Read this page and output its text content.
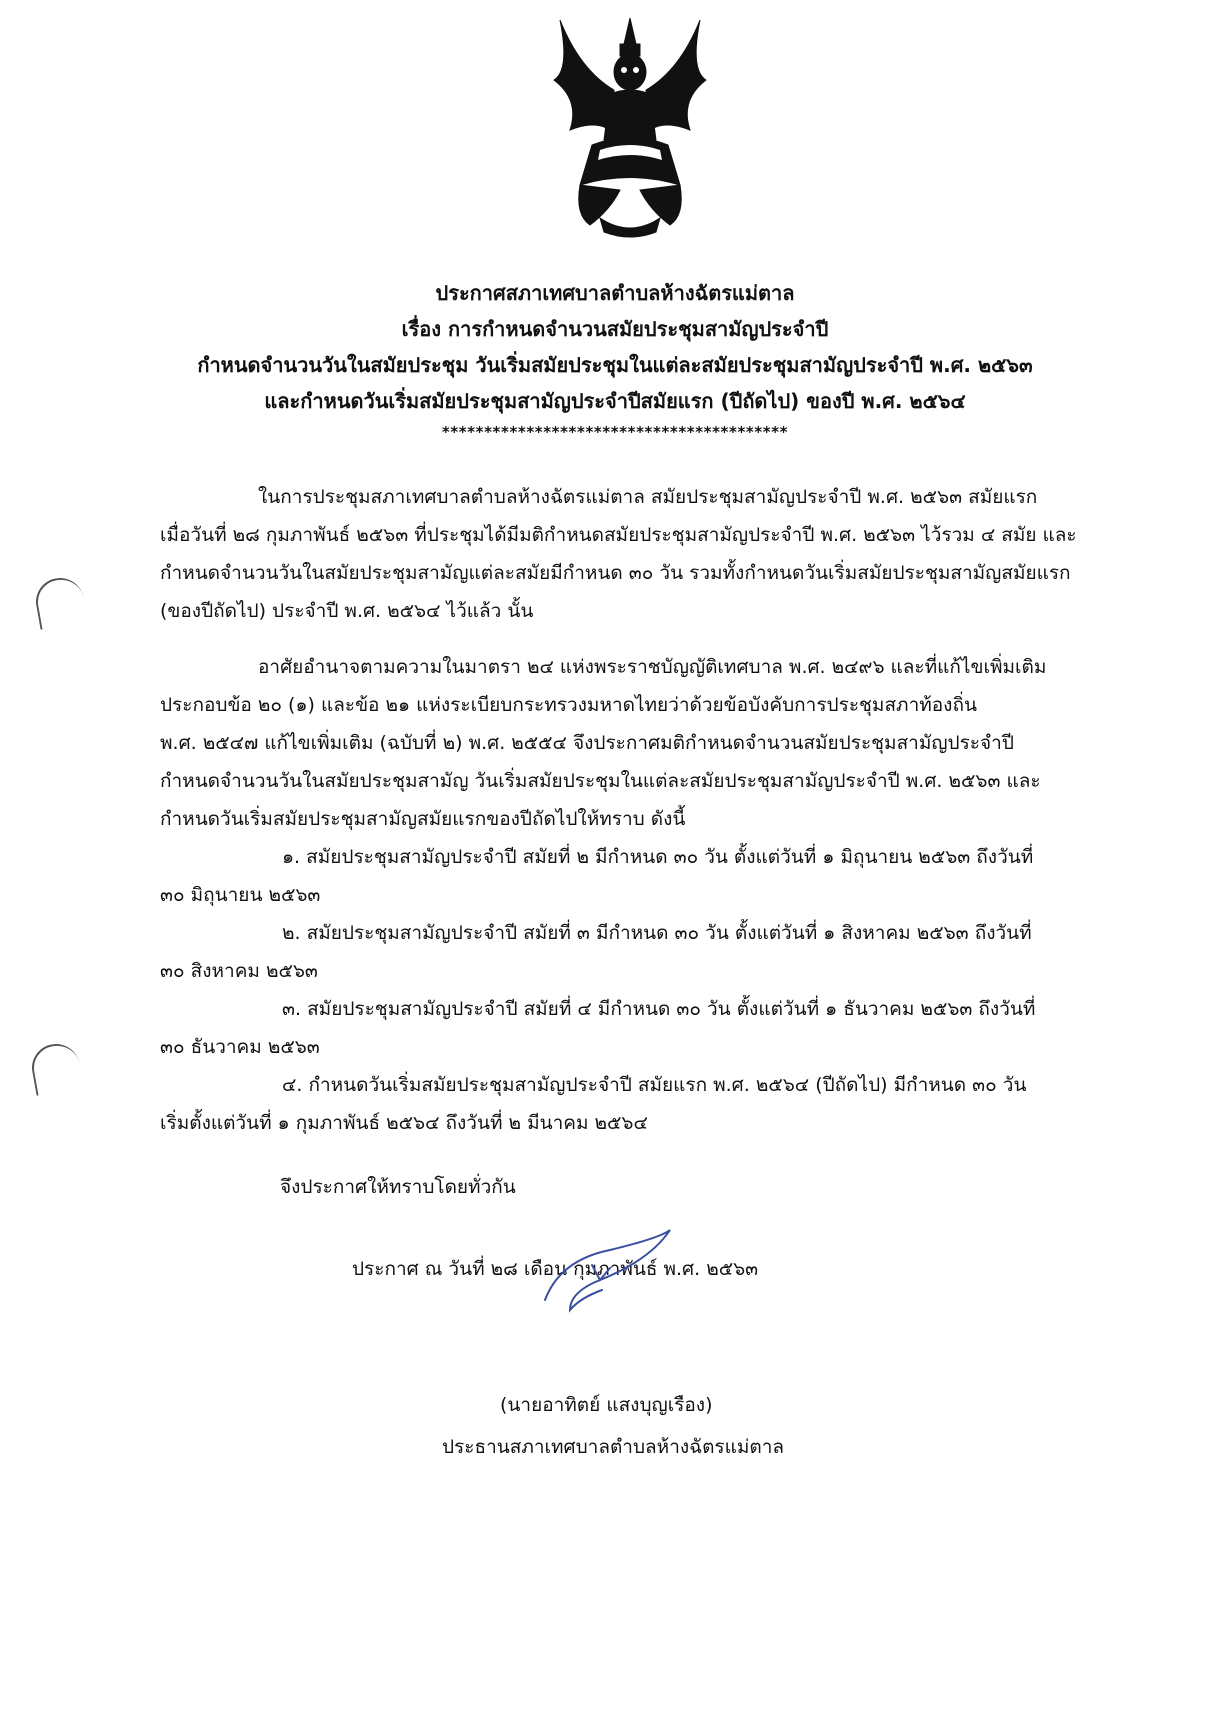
ประกาศสภาเทศบาลตำบลห้างฉัตรแม่ตาล
เรื่อง การกำหนดจำนวนสมัยประชุมสามัญประจำปี
กำหนดจำนวนวันในสมัยประชุม วันเริ่มสมัยประชุมในแต่ละสมัยประชุมสามัญประจำปี พ.ศ. ๒๕๖๓
และกำหนดวันเริ่มสมัยประชุมสามัญประจำปีสมัยแรก (ปีถัดไป) ของปี พ.ศ. ๒๕๖๔
*****************************************
ในการประชุมสภาเทศบาลตำบลห้างฉัตรแม่ตาล สมัยประชุมสามัญประจำปี พ.ศ. ๒๕๖๓ สมัยแรก
เมื่อวันที่ ๒๘ กุมภาพันธ์ ๒๕๖๓ ที่ประชุมได้มีมติกำหนดสมัยประชุมสามัญประจำปี พ.ศ. ๒๕๖๓ ไว้รวม ๔ สมัย และ
กำหนดจำนวนวันในสมัยประชุมสามัญแต่ละสมัยมีกำหนด ๓๐ วัน รวมทั้งกำหนดวันเริ่มสมัยประชุมสามัญสมัยแรก
(ของปีถัดไป) ประจำปี พ.ศ. ๒๕๖๔ ไว้แล้ว นั้น
อาศัยอำนาจตามความในมาตรา ๒๔ แห่งพระราชบัญญัติเทศบาล พ.ศ. ๒๔๙๖ และที่แก้ไขเพิ่มเติม
ประกอบข้อ ๒๐ (๑) และข้อ ๒๑ แห่งระเบียบกระทรวงมหาดไทยว่าด้วยข้อบังคับการประชุมสภาท้องถิ่น
พ.ศ. ๒๕๔๗ แก้ไขเพิ่มเติม (ฉบับที่ ๒) พ.ศ. ๒๕๕๔ จึงประกาศมติกำหนดจำนวนสมัยประชุมสามัญประจำปี
กำหนดจำนวนวันในสมัยประชุมสามัญ วันเริ่มสมัยประชุมในแต่ละสมัยประชุมสามัญประจำปี พ.ศ. ๒๕๖๓ และ
กำหนดวันเริ่มสมัยประชุมสามัญสมัยแรกของปีถัดไปให้ทราบ ดังนี้
๑. สมัยประชุมสามัญประจำปี สมัยที่ ๒ มีกำหนด ๓๐ วัน ตั้งแต่วันที่ ๑ มิถุนายน ๒๕๖๓ ถึงวันที่
๓๐ มิถุนายน ๒๕๖๓
๒. สมัยประชุมสามัญประจำปี สมัยที่ ๓ มีกำหนด ๓๐ วัน ตั้งแต่วันที่ ๑ สิงหาคม ๒๕๖๓ ถึงวันที่
๓๐ สิงหาคม ๒๕๖๓
๓. สมัยประชุมสามัญประจำปี สมัยที่ ๔ มีกำหนด ๓๐ วัน ตั้งแต่วันที่ ๑ ธันวาคม ๒๕๖๓ ถึงวันที่
๓๐ ธันวาคม ๒๕๖๓
๔. กำหนดวันเริ่มสมัยประชุมสามัญประจำปี สมัยแรก พ.ศ. ๒๕๖๔ (ปีถัดไป) มีกำหนด ๓๐ วัน
เริ่มตั้งแต่วันที่ ๑ กุมภาพันธ์ ๒๕๖๔ ถึงวันที่ ๒ มีนาคม ๒๕๖๔
จึงประกาศให้ทราบโดยทั่วกัน
ประกาศ ณ วันที่ ๒๘ เดือน กุมภาพันธ์ พ.ศ. ๒๕๖๓
(นายอาทิตย์ แสงบุญเรือง)
ประธานสภาเทศบาลตำบลห้างฉัตรแม่ตาล
